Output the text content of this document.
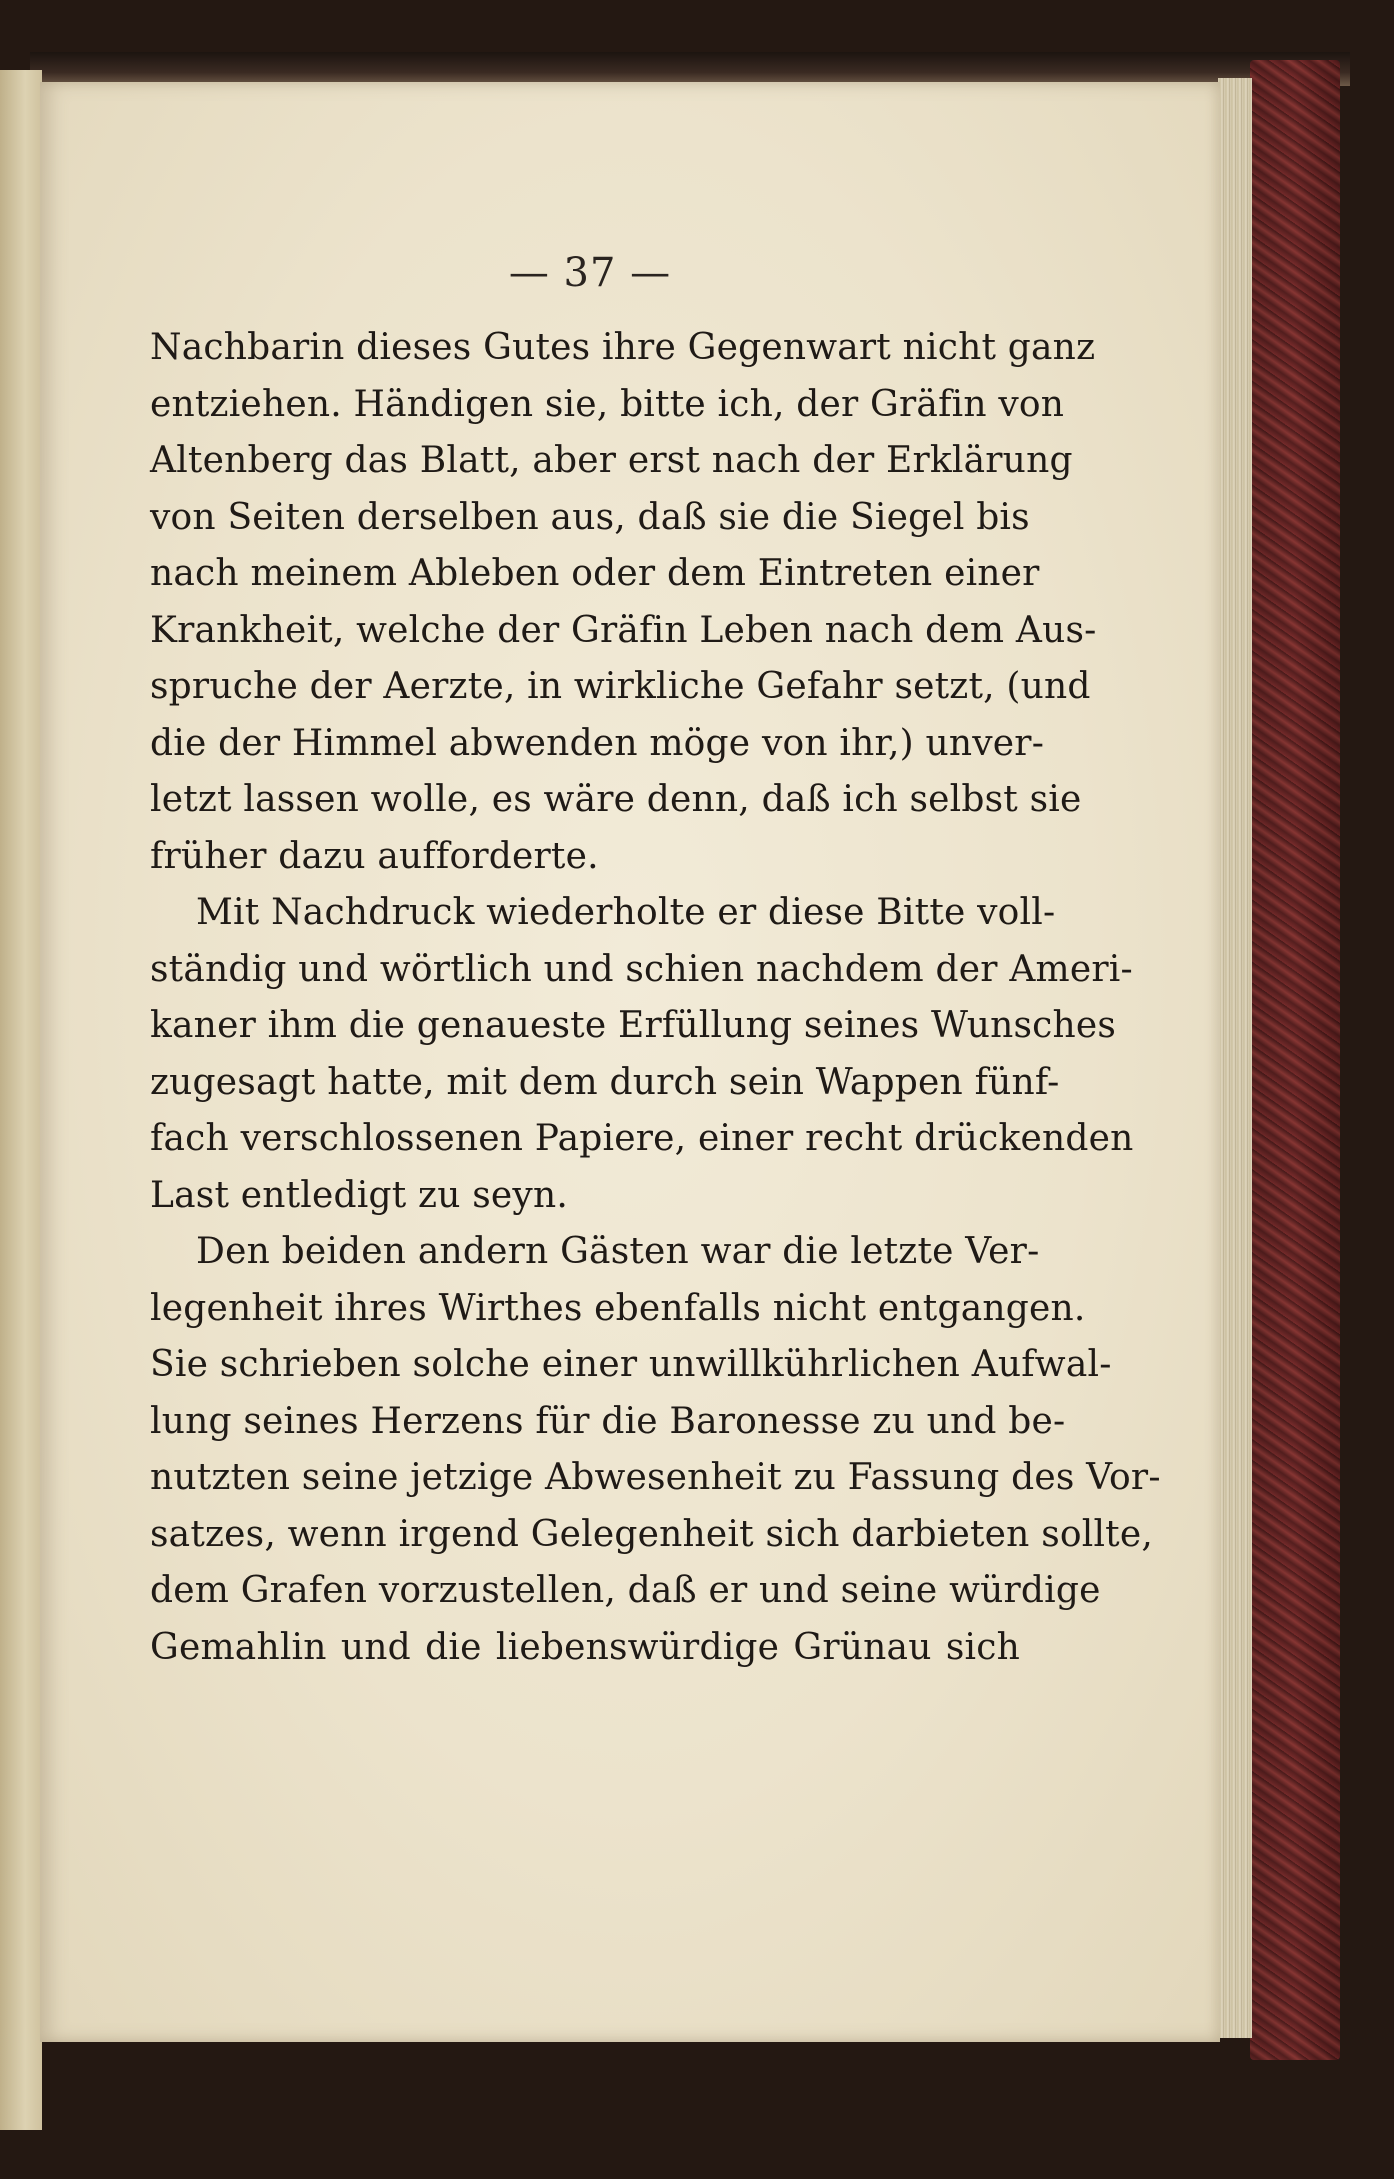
— 37 —
Nachbarin dieses Gutes ihre Gegenwart nicht ganz
entziehen. Händigen sie, bitte ich, der Gräfin von
Altenberg das Blatt, aber erst nach der Erklärung
von Seiten derselben aus, daß sie die Siegel bis
nach meinem Ableben oder dem Eintreten einer
Krankheit, welche der Gräfin Leben nach dem Aus-
spruche der Aerzte, in wirkliche Gefahr setzt, (und
die der Himmel abwenden möge von ihr,) unver-
letzt lassen wolle, es wäre denn, daß ich selbst sie
früher dazu aufforderte.
Mit Nachdruck wiederholte er diese Bitte voll-
ständig und wörtlich und schien nachdem der Ameri-
kaner ihm die genaueste Erfüllung seines Wunsches
zugesagt hatte, mit dem durch sein Wappen fünf-
fach verschlossenen Papiere, einer recht drückenden
Last entledigt zu seyn.
Den beiden andern Gästen war die letzte Ver-
legenheit ihres Wirthes ebenfalls nicht entgangen.
Sie schrieben solche einer unwillkührlichen Aufwal-
lung seines Herzens für die Baronesse zu und be-
nutzten seine jetzige Abwesenheit zu Fassung des Vor-
satzes, wenn irgend Gelegenheit sich darbieten sollte,
dem Grafen vorzustellen, daß er und seine würdige
Gemahlin und die liebenswürdige Grünau sich
